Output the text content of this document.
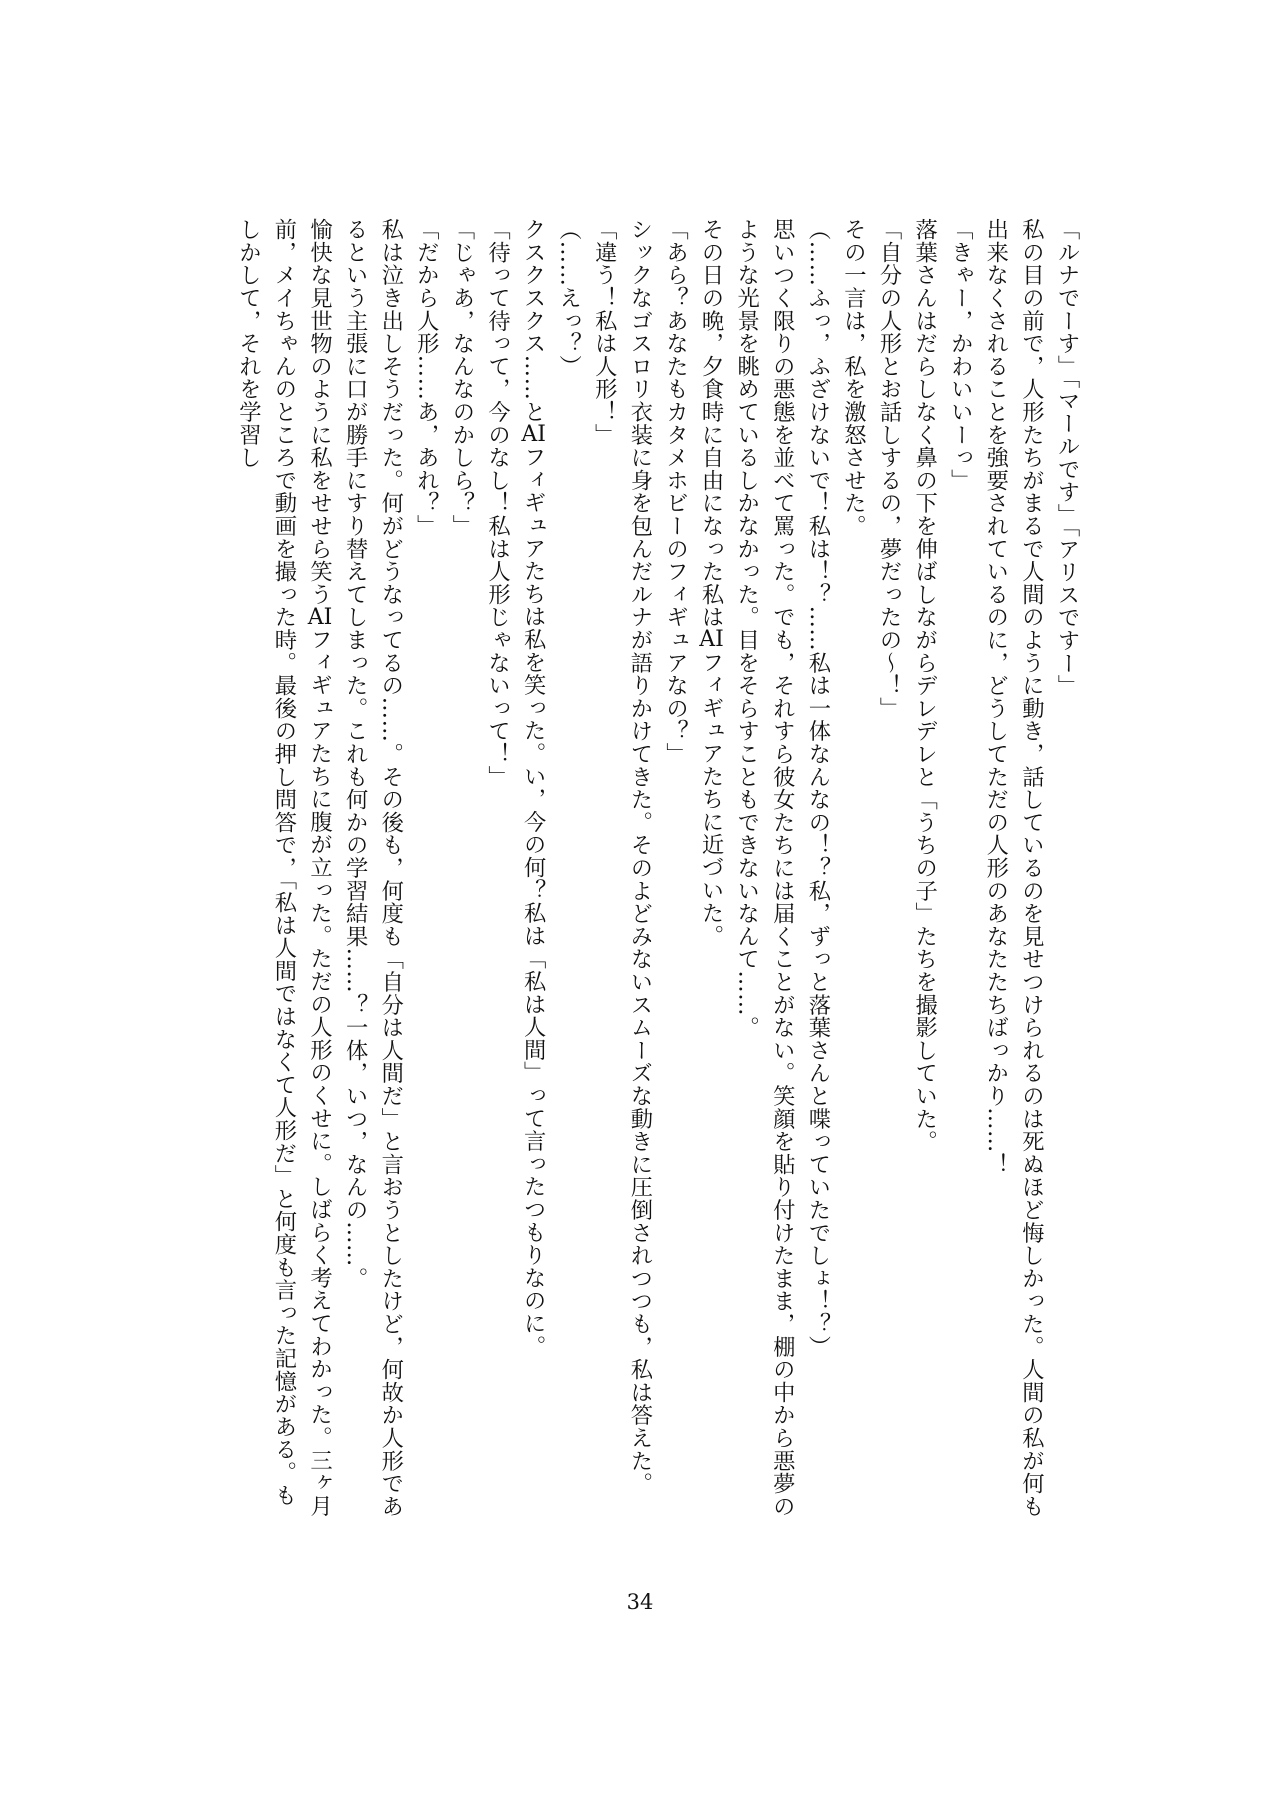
「ルナでーす」「マールです」「アリスですー」

私の目の前で，人形たちがまるで人間のように動き，話しているのを見せつけられるのは死ぬほど悔しかった。人間の私が何も出来なくされることを強要されているのに，どうしてただの人形のあなたたちばっかり……！

「きゃー，かわいいーっ」

落葉さんはだらしなく鼻の下を伸ばしながらデレデレと「うちの子」たちを撮影していた。

「自分の人形とお話しするの，夢だったの～！」

その一言は，私を激怒させた。

（……ふっ，ふざけないで！私は！？……私は一体なんなの！？私，ずっと落葉さんと喋っていたでしょ！？）

思いつく限りの悪態を並べて罵った。でも，それすら彼女たちには届くことがない。笑顔を貼り付けたまま，棚の中から悪夢のような光景を眺めているしかなかった。目をそらすこともできないなんて……。

その日の晩，夕食時に自由になった私はAIフィギュアたちに近づいた。

「あら？あなたもカタメホビーのフィギュアなの？」

シックなゴスロリ衣装に身を包んだルナが語りかけてきた。そのよどみないスムーズな動きに圧倒されつつも，私は答えた。

「違う！私は人形！」

（……えっ？）

クスクスクス……とAIフィギュアたちは私を笑った。い，今の何？私は「私は人間」って言ったつもりなのに。

「待って待って，今のなし！私は人形じゃないって！」

「じゃあ，なんなのかしら？」

「だから人形……あ，あれ？」

私は泣き出しそうだった。何がどうなってるの……。その後も，何度も「自分は人間だ」と言おうとしたけど，何故か人形であるという主張に口が勝手にすり替えてしまった。これも何かの学習結果……？一体，いつ，なんの……。

愉快な見世物のように私をせせら笑うAIフィギュアたちに腹が立った。ただの人形のくせに。しばらく考えてわかった。三ヶ月前，メイちゃんのところで動画を撮った時。最後の押し問答で，「私は人間ではなくて人形だ」と何度も言った記憶がある。もしかして，それを学習し

34
